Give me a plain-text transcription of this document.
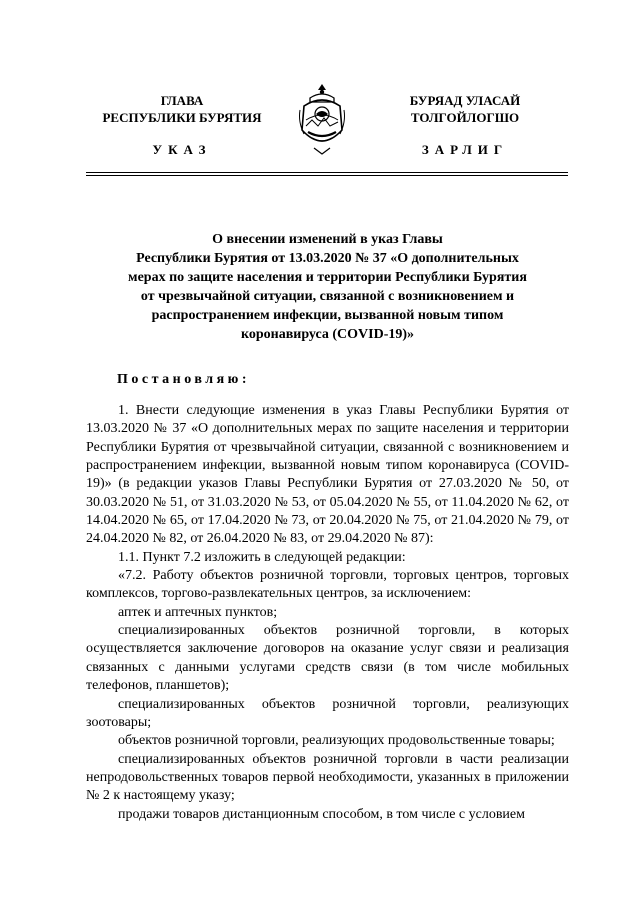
ГЛАВА
РЕСПУБЛИКИ БУРЯТИЯ
БУРЯАД УЛАСАЙ
ТОЛГОЙЛОГШО
УКАЗ	ЗАРЛИГ
О внесении изменений в указ Главы
Республики Бурятия от 13.03.2020 № 37 «О дополнительных
мерах по защите населения и территории Республики Бурятия
от чрезвычайной ситуации, связанной с возникновением и
распространением инфекции, вызванной новым типом
коронавируса (COVID-19)»
Постановляю:

1. Внести следующие изменения в указ Главы Республики Бурятия от 13.03.2020 № 37 «О дополнительных мерах по защите населения и территории Республики Бурятия от чрезвычайной ситуации, связанной с возникновением и распространением инфекции, вызванной новым типом коронавируса (COVID-19)» (в редакции указов Главы Республики Бурятия от 27.03.2020 № 50, от 30.03.2020 № 51, от 31.03.2020 № 53, от 05.04.2020 № 55, от 11.04.2020 № 62, от 14.04.2020 № 65, от 17.04.2020 № 73, от 20.04.2020 № 75, от 21.04.2020 № 79, от 24.04.2020 № 82, от 26.04.2020 № 83, от 29.04.2020 № 87):

1.1. Пункт 7.2 изложить в следующей редакции:

«7.2. Работу объектов розничной торговли, торговых центров, торговых комплексов, торгово-развлекательных центров, за исключением:

аптек и аптечных пунктов;

специализированных объектов розничной торговли, в которых осуществляется заключение договоров на оказание услуг связи и реализация связанных с данными услугами средств связи (в том числе мобильных телефонов, планшетов);

специализированных объектов розничной торговли, реализующих зоотовары;

объектов розничной торговли, реализующих продовольственные товары;

специализированных объектов розничной торговли в части реализации непродовольственных товаров первой необходимости, указанных в приложении № 2 к настоящему указу;

продажи товаров дистанционным способом, в том числе с условием
